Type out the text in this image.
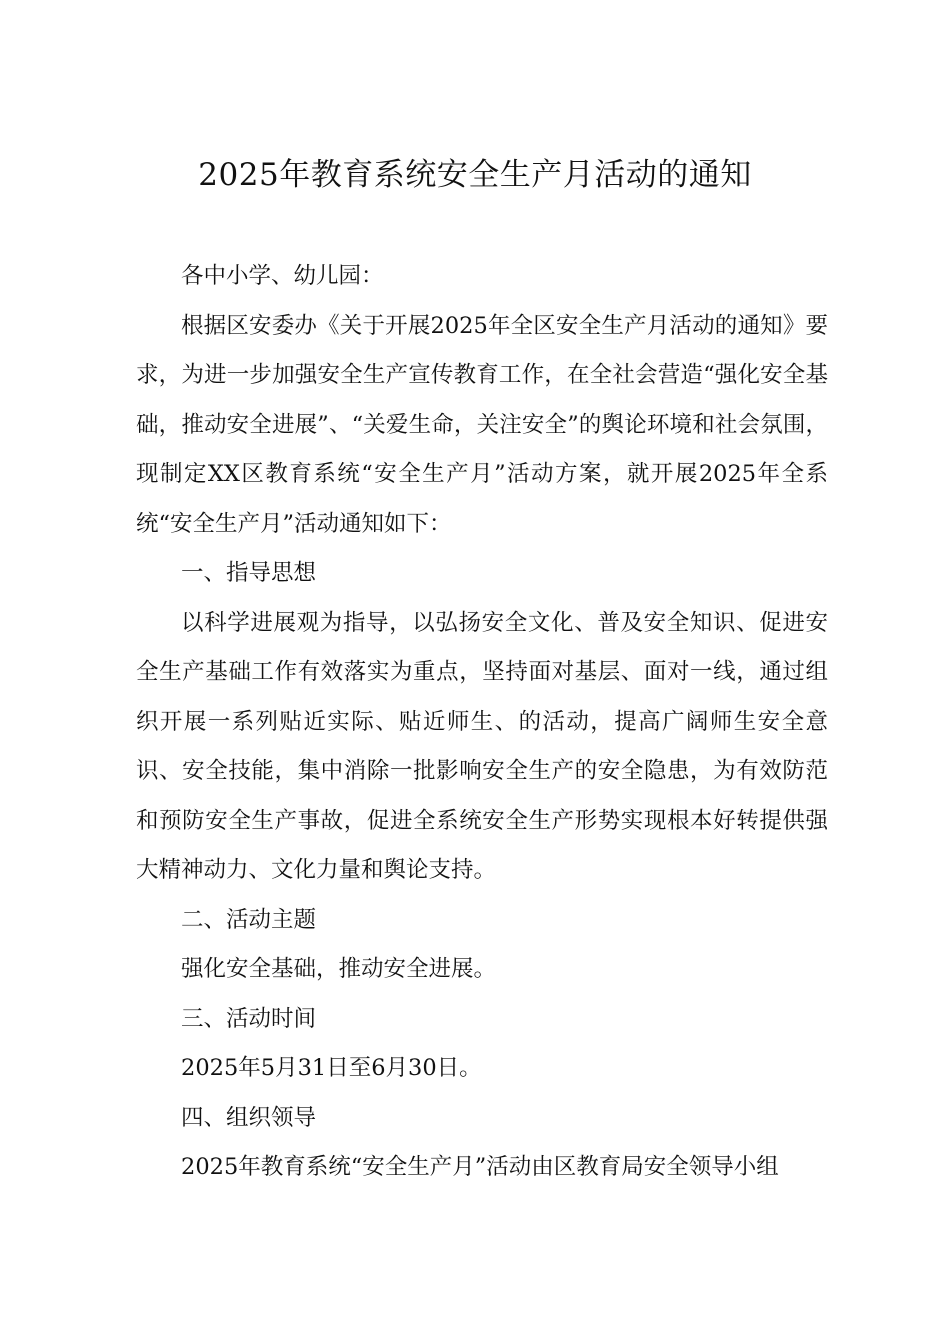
2025年教育系统安全生产月活动的通知

各中小学、幼儿园：

根据区安委办《关于开展2025年全区安全生产月活动的通知》要求，为进一步加强安全生产宣传教育工作，在全社会营造“强化安全基础，推动安全进展”、“关爱生命，关注安全”的舆论环境和社会氛围，现制定XX区教育系统“安全生产月”活动方案，就开展2025年全系统“安全生产月”活动通知如下：

一、指导思想

以科学进展观为指导，以弘扬安全文化、普及安全知识、促进安全生产基础工作有效落实为重点，坚持面对基层、面对一线，通过组织开展一系列贴近实际、贴近师生、的活动，提高广阔师生安全意识、安全技能，集中消除一批影响安全生产的安全隐患，为有效防范和预防安全生产事故，促进全系统安全生产形势实现根本好转提供强大精神动力、文化力量和舆论支持。

二、活动主题

强化安全基础，推动安全进展。

三、活动时间

2025年5月31日至6月30日。

四、组织领导

2025年教育系统“安全生产月”活动由区教育局安全领导小组
